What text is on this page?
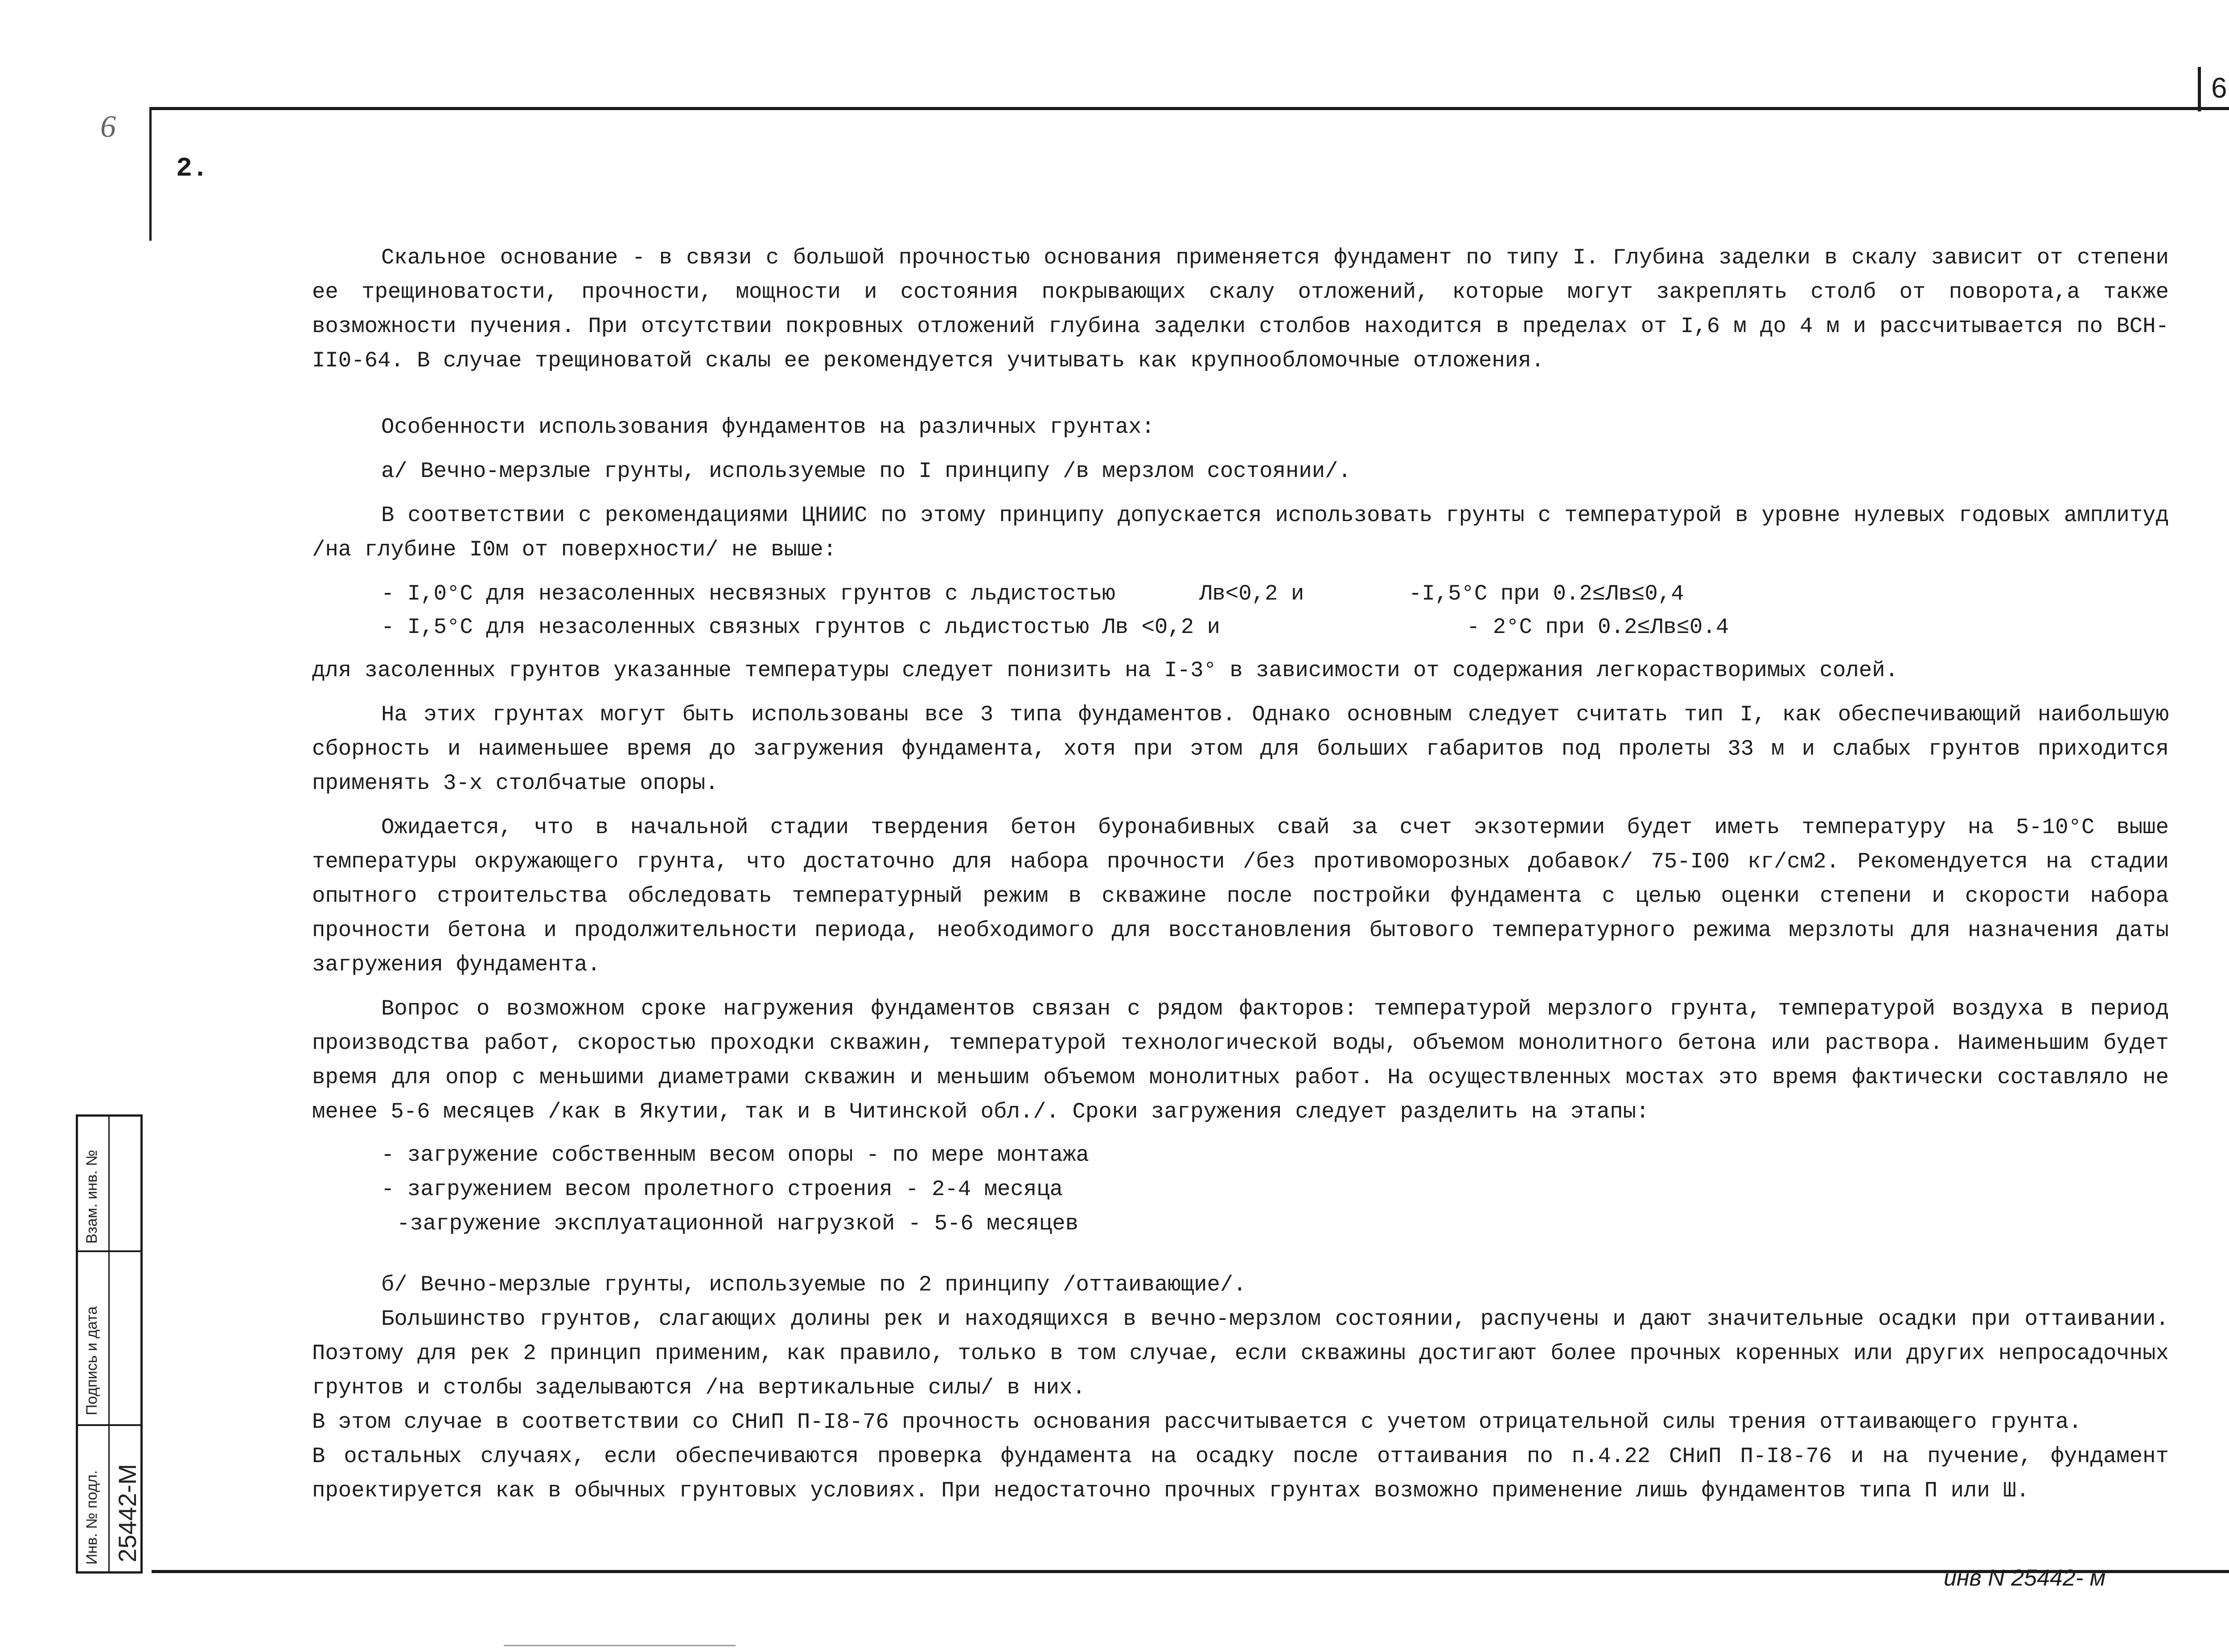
6
6
2.

Скальное основание - в связи с большой прочностью основания применяется фундамент по типу I. Глубина заделки в скалу зависит от степени ее трещиноватости, прочности, мощности и состояния покрывающих скалу отложений, которые могут закреплять столб от поворота,а также возможности пучения. При отсутствии покровных отложений глубина заделки столбов находится в пределах от I,6 м до 4 м и рассчитывается по ВСН-II0-64. В случае трещиноватой скалы ее рекомендуется учитывать как крупнообломочные отложения.

Особенности использования фундаментов на различных грунтах:

а/ Вечно-мерзлые грунты, используемые по I принципу /в мерзлом состоянии/.

В соответствии с рекомендациями ЦНИИС по этому принципу допускается использовать грунты с температурой в уровне нулевых годовых амплитуд /на глубине I0м от поверхности/ не выше:

- I,0°С для незасоленных несвязных грунтов с льдистостью	Лв<0,2 и	-I,5°С при 0.2≤Лв≤0,4
- I,5°С для незасоленных связных грунтов с льдистостью Лв <0,2 и	- 2°С при 0.2≤Лв≤0.4

для засоленных грунтов указанные температуры следует понизить на I-3° в зависимости от содержания легкорастворимых солей.

На этих грунтах могут быть использованы все 3 типа фундаментов. Однако основным следует считать тип I, как обеспечивающий наибольшую сборность и наименьшее время до загружения фундамента, хотя при этом для больших габаритов под пролеты 33 м и слабых грунтов приходится применять 3-х столбчатые опоры.

Ожидается, что в начальной стадии твердения бетон буронабивных свай за счет экзотермии будет иметь температуру на 5-10°С выше температуры окружающего грунта, что достаточно для набора прочности /без противоморозных добавок/ 75-I00 кг/см2. Рекомендуется на стадии опытного строительства обследовать температурный режим в скважине после постройки фундамента с целью оценки степени и скорости набора прочности бетона и продолжительности периода, необходимого для восстановления бытового температурного режима мерзлоты для назначения даты загружения фундамента.

Вопрос о возможном сроке нагружения фундаментов связан с рядом факторов: температурой мерзлого грунта, температурой воздуха в период производства работ, скоростью проходки скважин, температурой технологической воды, объемом монолитного бетона или раствора. Наименьшим будет время для опор с меньшими диаметрами скважин и меньшим объемом монолитных работ. На осуществленных мостах это время фактически составляло не менее 5-6 месяцев /как в Якутии, так и в Читинской обл./. Сроки загружения следует разделить на этапы:

- загружение собственным весом опоры - по мере монтажа
- загружением весом пролетного строения - 2-4 месяца
-загружение эксплуатационной нагрузкой - 5-6 месяцев

б/ Вечно-мерзлые грунты, используемые по 2 принципу /оттаивающие/.

Большинство грунтов, слагающих долины рек и находящихся в вечно-мерзлом состоянии, распучены и дают значительные осадки при оттаивании. Поэтому для рек 2 принцип применим, как правило, только в том случае, если скважины достигают более прочных коренных или других непросадочных грунтов и столбы заделываются /на вертикальные силы/ в них.

В этом случае в соответствии со СНиП П-I8-76 прочность основания рассчитывается с учетом отрицательной силы трения оттаивающего грунта.

В остальных случаях, если обеспечиваются проверка фундамента на осадку после оттаивания по п.4.22 СНиП П-I8-76 и на пучение, фундамент проектируется как в обычных грунтовых условиях. При недостаточно прочных грунтах возможно применение лишь фундаментов типа П или Ш.

Инв. № подл.
Подпись и дата
Взам. инв. №
25442-М
инв N 25442- м
